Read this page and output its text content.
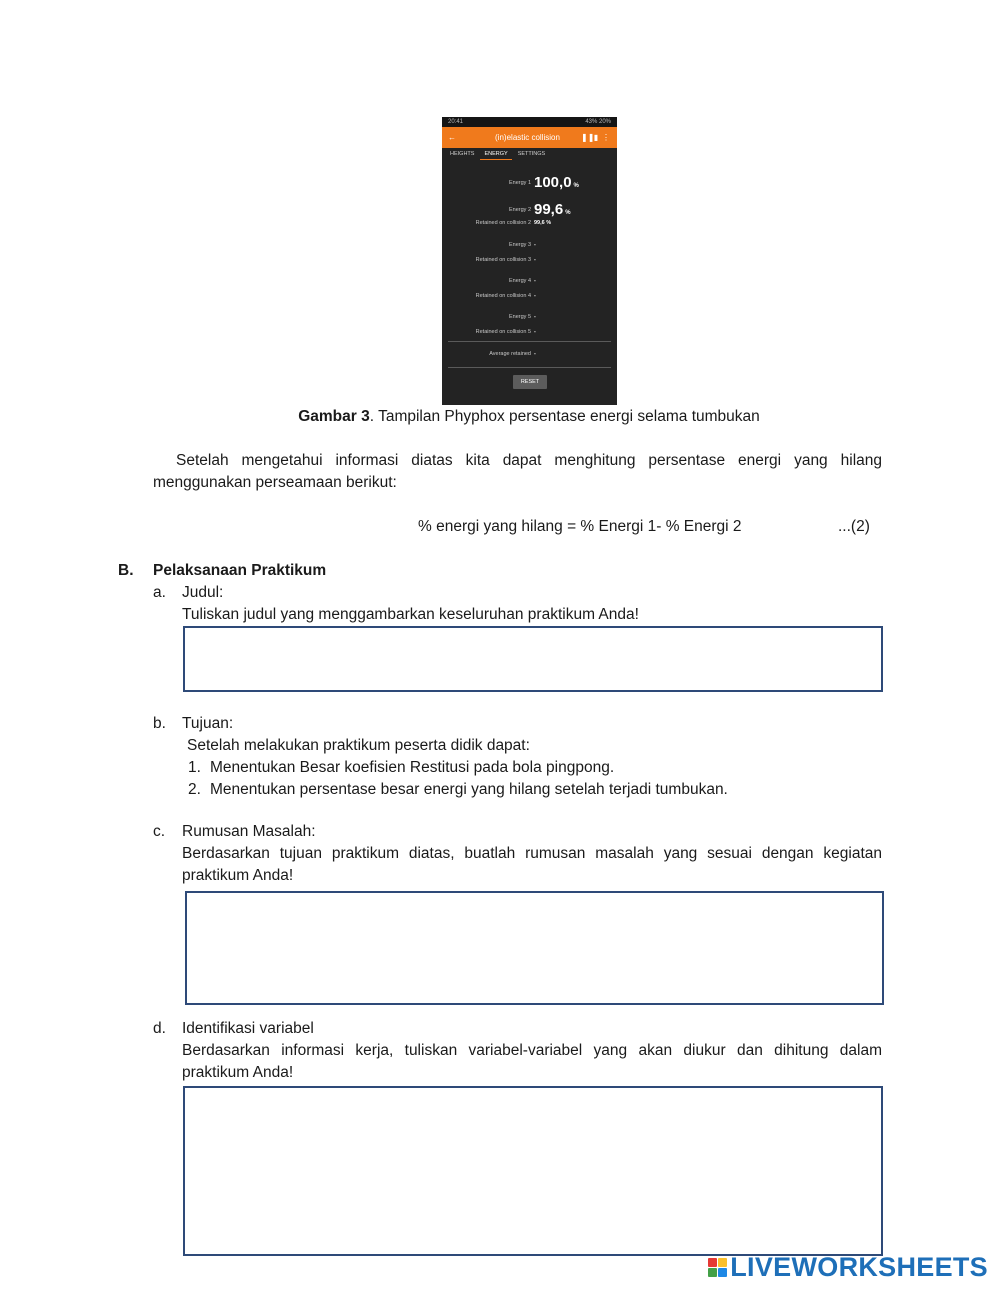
20:41	43% 20%
←	(in)elastic collision	❚❚ ▮ ⋮
HEIGHTS	ENERGY	SETTINGS
Energy 1 100,0 %
Energy 2 99,6 %
Retained on collision 2 99,6 %
Energy 3 -
Retained on collision 3 -
Energy 4 -
Retained on collision 4 -
Energy 5 -
Retained on collision 5 -
Average retained -
RESET
Gambar 3. Tampilan Phyphox persentase energi selama tumbukan
Setelah mengetahui informasi diatas kita dapat menghitung persentase energi yang hilang
menggunakan perseamaan berikut:
% energi yang hilang = % Energi 1- % Energi 2	...(2)
B. Pelaksanaan Praktikum
a. Judul:
Tuliskan judul yang menggambarkan keseluruhan praktikum Anda!
b. Tujuan:
Setelah melakukan praktikum peserta didik dapat:
1. Menentukan Besar koefisien Restitusi pada bola pingpong.
2. Menentukan persentase besar energi yang hilang setelah terjadi tumbukan.
c. Rumusan Masalah:
Berdasarkan tujuan praktikum diatas, buatlah rumusan masalah yang sesuai dengan kegiatan
praktikum Anda!
d. Identifikasi variabel
Berdasarkan informasi kerja, tuliskan variabel-variabel yang akan diukur dan dihitung dalam
praktikum Anda!
LIVEWORKSHEETS
